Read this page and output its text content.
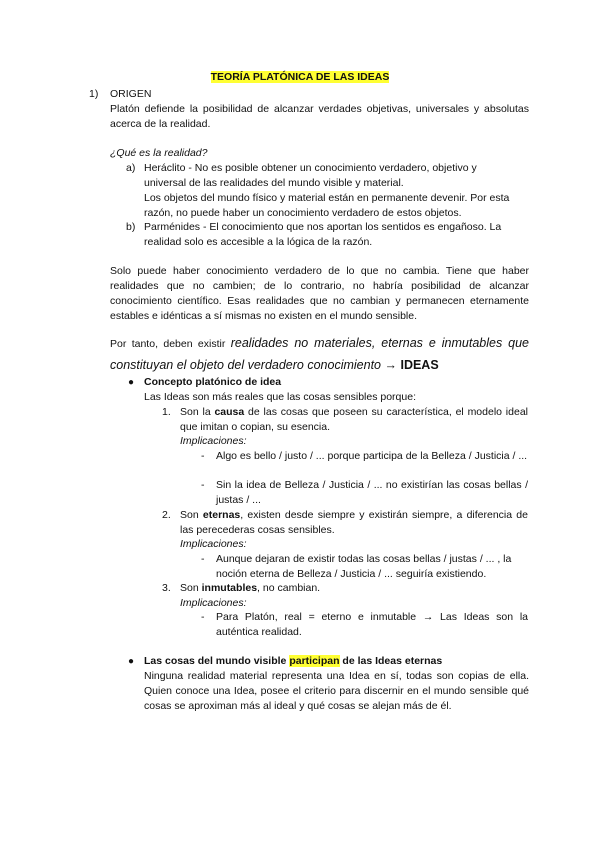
TEORÍA PLATÓNICA DE LAS IDEAS
1) ORIGEN
Platón defiende la posibilidad de alcanzar verdades objetivas, universales y absolutas acerca de la realidad.
¿Qué es la realidad?
a) Heráclito - No es posible obtener un conocimiento verdadero, objetivo y universal de las realidades del mundo visible y material.
Los objetos del mundo físico y material están en permanente devenir. Por esta razón, no puede haber un conocimiento verdadero de estos objetos.
b) Parménides - El conocimiento que nos aportan los sentidos es engañoso. La realidad solo es accesible a la lógica de la razón.
Solo puede haber conocimiento verdadero de lo que no cambia. Tiene que haber realidades que no cambien; de lo contrario, no habría posibilidad de alcanzar conocimiento científico. Esas realidades que no cambian y permanecen eternamente estables e idénticas a sí mismas no existen en el mundo sensible.
Por tanto, deben existir realidades no materiales, eternas e inmutables que constituyan el objeto del verdadero conocimiento → IDEAS
● Concepto platónico de idea
Las Ideas son más reales que las cosas sensibles porque:
1. Son la causa de las cosas que poseen su característica, el modelo ideal que imitan o copian, su esencia.
Implicaciones:
- Algo es bello / justo / ... porque participa de la Belleza / Justicia / ...
- Sin la idea de Belleza / Justicia / ... no existirían las cosas bellas / justas / ...
2. Son eternas, existen desde siempre y existirán siempre, a diferencia de las perecederas cosas sensibles.
Implicaciones:
- Aunque dejaran de existir todas las cosas bellas / justas / ... , la noción eterna de Belleza / Justicia / ... seguiría existiendo.
3. Son inmutables, no cambian.
Implicaciones:
- Para Platón, real = eterno e inmutable → Las Ideas son la auténtica realidad.
● Las cosas del mundo visible participan de las Ideas eternas
Ninguna realidad material representa una Idea en sí, todas son copias de ella. Quien conoce una Idea, posee el criterio para discernir en el mundo sensible qué cosas se aproximan más al ideal y qué cosas se alejan más de él.
